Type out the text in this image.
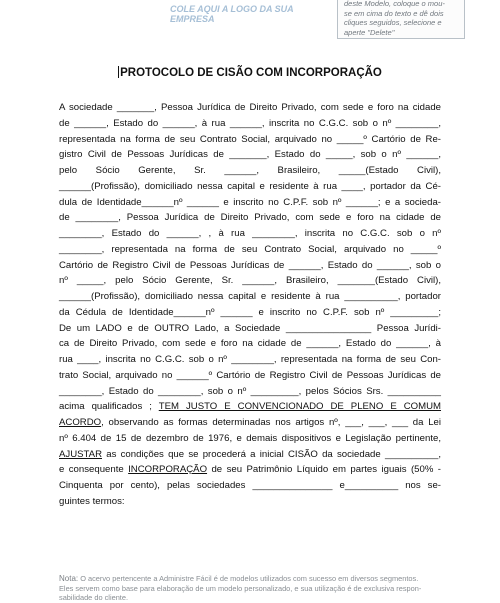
COLE AQUI A LOGO DA SUA EMPRESA
deste Modelo, coloque o mou-
se em cima do texto e dê dois
cliques seguidos, selecione e
aperte "Delete"
PROTOCOLO DE CISÃO COM INCORPORAÇÃO
A sociedade _______, Pessoa Jurídica de Direito Privado, com sede e foro na cidade
de ______, Estado do ______, à rua ______, inscrita no C.G.C. sob o nº ________,
representada na forma de seu Contrato Social, arquivado no _____º Cartório de Re-
gistro Civil de Pessoas Jurídicas de _______, Estado do _____, sob o nº ______,
pelo Sócio Gerente, Sr. ______, Brasileiro, _____(Estado Civil),
______(Profissão), domiciliado nessa capital e residente à rua ____, portador da Cé-
dula de Identidade______nº ______ e inscrito no C.P.F. sob nº ______; e a socieda-
de ________, Pessoa Jurídica de Direito Privado, com sede e foro na cidade de
________, Estado do ______, , à rua ________, inscrita no C.G.C. sob o nº
________, representada na forma de seu Contrato Social, arquivado no _____º
Cartório de Registro Civil de Pessoas Jurídicas de ______, Estado do ______, sob o
nº _____, pelo Sócio Gerente, Sr. ______, Brasileiro, _______(Estado Civil),
______(Profissão), domiciliado nessa capital e residente à rua __________, portador
da Cédula de Identidade______nº ______ e inscrito no C.P.F. sob nº _________;
De um LADO e de OUTRO Lado, a Sociedade ________________ Pessoa Jurídi-
ca de Direito Privado, com sede e foro na cidade de ______, Estado do ______, à
rua ____, inscrita no C.G.C. sob o nº ________, representada na forma de seu Con-
trato Social, arquivado no ______º Cartório de Registro Civil de Pessoas Jurídicas de
________, Estado do ________, sob o nº _________, pelos Sócios Srs. __________
acima qualificados ; TEM JUSTO E CONVENCIONADO DE PLENO E COMUM
ACORDO, observando as formas determinadas nos artigos nº, ___, ___, ___ da Lei
nº 6.404 de 15 de dezembro de 1976, e demais dispositivos e Legislação pertinente,
AJUSTAR as condições que se procederá a inicial CISÃO da sociedade __________,
e consequente INCORPORAÇÃO de seu Patrimônio Líquido em partes iguais (50% -
Cinquenta por cento), pelas sociedades _______________ e__________ nos se-
guintes termos:
Nota: O acervo pertencente a Administre Fácil é de modelos utilizados com sucesso em diversos segmentos.
Eles servem como base para elaboração de um modelo personalizado, e sua utilização é de exclusiva respon-
sabilidade do cliente.
